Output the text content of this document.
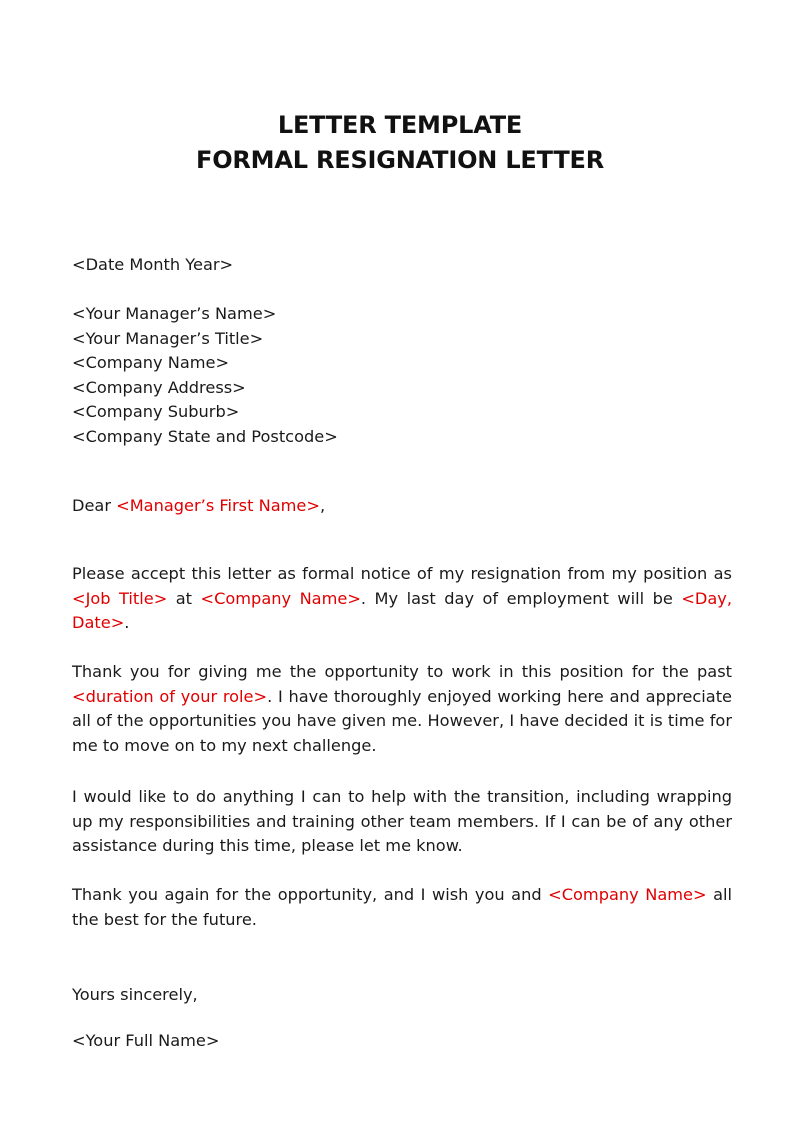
LETTER TEMPLATE
FORMAL RESIGNATION LETTER
<Date Month Year>
<Your Manager’s Name>
<Your Manager’s Title>
<Company Name>
<Company Address>
<Company Suburb>
<Company State and Postcode>
Dear <Manager’s First Name>,
Please accept this letter as formal notice of my resignation from my position as <Job Title> at <Company Name>. My last day of employment will be <Day, Date>.
Thank you for giving me the opportunity to work in this position for the past <duration of your role>. I have thoroughly enjoyed working here and appreciate all of the opportunities you have given me. However, I have decided it is time for me to move on to my next challenge.
I would like to do anything I can to help with the transition, including wrapping up my responsibilities and training other team members. If I can be of any other assistance during this time, please let me know.
Thank you again for the opportunity, and I wish you and <Company Name> all the best for the future.
Yours sincerely,
<Your Full Name>
